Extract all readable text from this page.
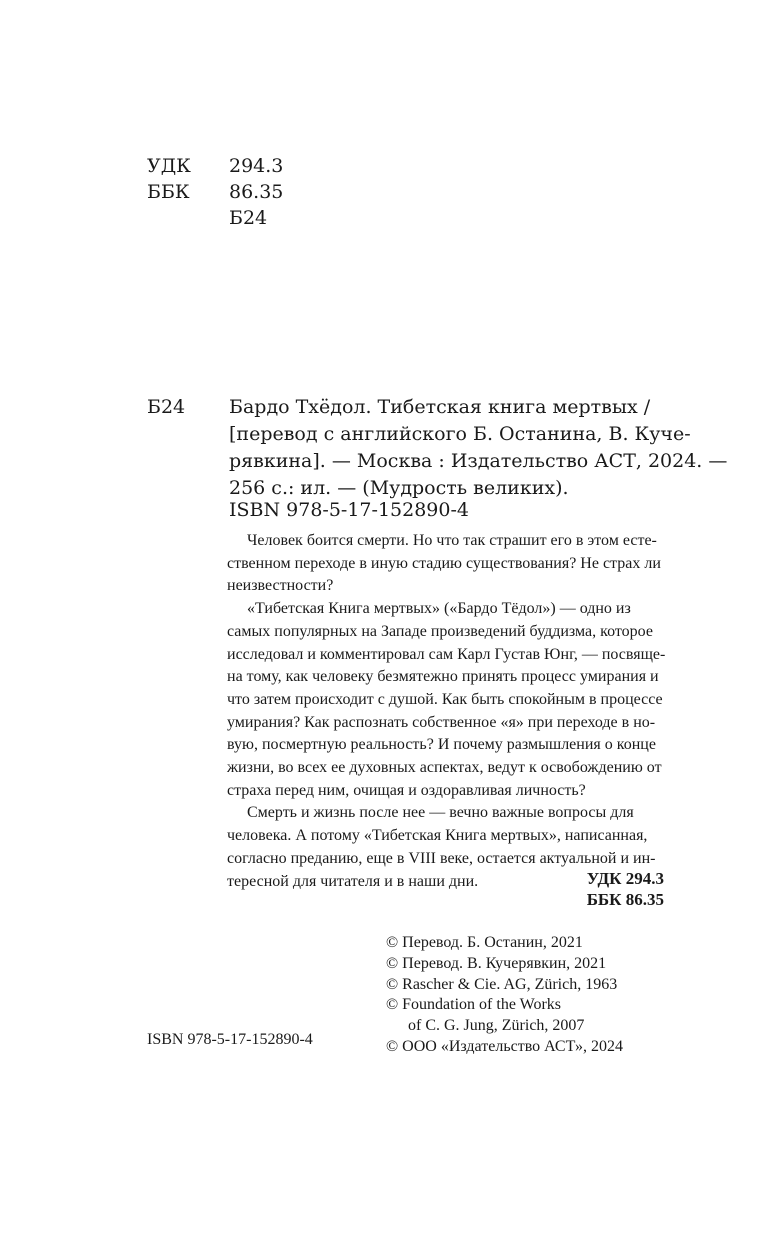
УДК 294.3
ББК 86.35
Б24
Б24 Бардо Тхёдол. Тибетская книга мертвых /

[перевод с английского Б. Останина, В. Куче-

рявкина]. — Москва : Издательство АСТ, 2024. —

256 с.: ил. — (Мудрость великих).

ISBN 978-5-17-152890-4

Человек боится смерти. Но что так страшит его в этом есте-

ственном переходе в иную стадию существования? Не страх ли

неизвестности?

«Тибетская Книга мертвых» («Бардо Тёдол») — одно из

самых популярных на Западе произведений буддизма, которое

исследовал и комментировал сам Карл Густав Юнг, — посвяще-

на тому, как человеку безмятежно принять процесс умирания и

что затем происходит с душой. Как быть спокойным в процессе

умирания? Как распознать собственное «я» при переходе в но-

вую, посмертную реальность? И почему размышления о конце

жизни, во всех ее духовных аспектах, ведут к освобождению от

страха перед ним, очищая и оздоравливая личность?

Смерть и жизнь после нее — вечно важные вопросы для

человека. А потому «Тибетская Книга мертвых», написанная,

согласно преданию, еще в VIII веке, остается актуальной и ин-

тересной для читателя и в наши дни.	УДК 294.3
ББК 86.35

© Перевод. Б. Останин, 2021

© Перевод. В. Кучерявкин, 2021

© Rascher & Cie. AG, Zürich, 1963

© Foundation of the Works

of C. G. Jung, Zürich, 2007

© ООО «Издательство АСТ», 2024

ISBN 978-5-17-152890-4
